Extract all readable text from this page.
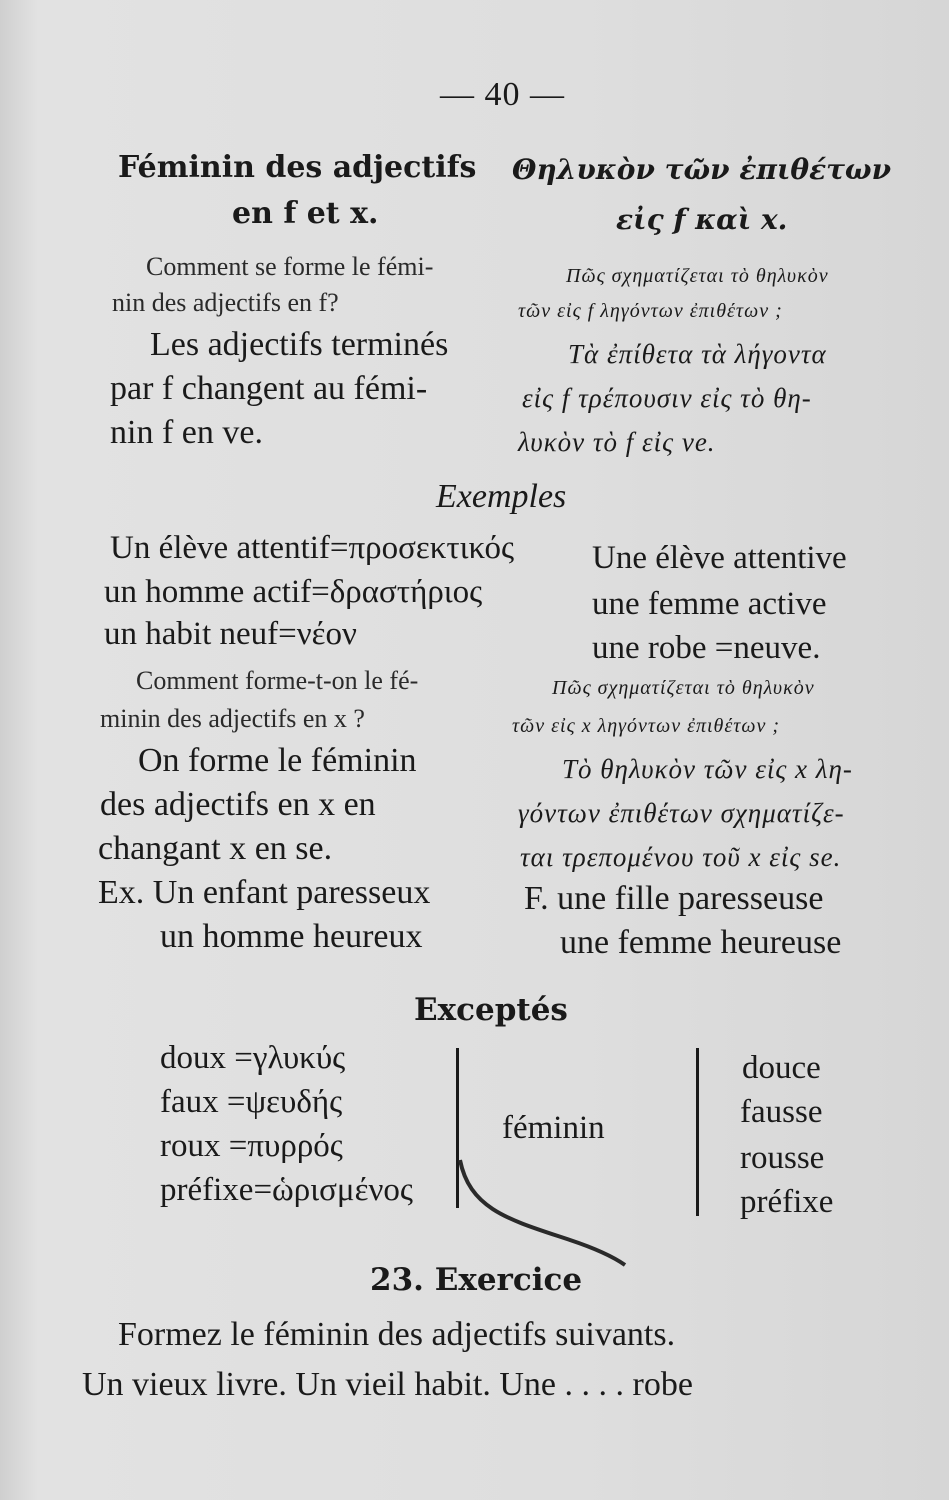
— 40 —
Féminin des adjectifs
en f et x.
Θηλυκὸν τῶν ἐπιθέτων
εἰς f καὶ x.
Comment se forme le fémi-
nin des adjectifs en f?
Πῶς σχηματίζεται τὸ θηλυκὸν
τῶν εἰς f ληγόντων ἐπιθέτων ;
Les adjectifs terminés
par f changent au fémi-
nin f en ve.
Τὰ ἐπίθετα τὰ λήγοντα
εἰς f τρέπουσιν εἰς τὸ θη-
λυκὸν τὸ f εἰς ve.
Exemples
Un élève attentif=προσεκτικός
un homme actif=δραστήριος
un habit neuf=νέον
Une élève attentive
une femme active
une robe =neuve.
Comment forme-t-on le fé-
minin des adjectifs en x ?
Πῶς σχηματίζεται τὸ θηλυκὸν
τῶν εἰς x ληγόντων ἐπιθέτων ;
On forme le féminin
des adjectifs en x en
changant x en se.
Τὸ θηλυκὸν τῶν εἰς x λη-
γόντων ἐπιθέτων σχηματίζε-
ται τρεπομένου τοῦ x εἰς se.
Ex. Un enfant paresseux
un homme heureux
F. une fille paresseuse
une femme heureuse
Exceptés
doux =γλυκύς
faux =ψευδής
roux =πυρρός
préfixe=ὡρισμένος
féminin
douce
fausse
rousse
préfixe
23. Exercice
Formez le féminin des adjectifs suivants.
Un vieux livre. Un vieil habit. Une . . . . robe
